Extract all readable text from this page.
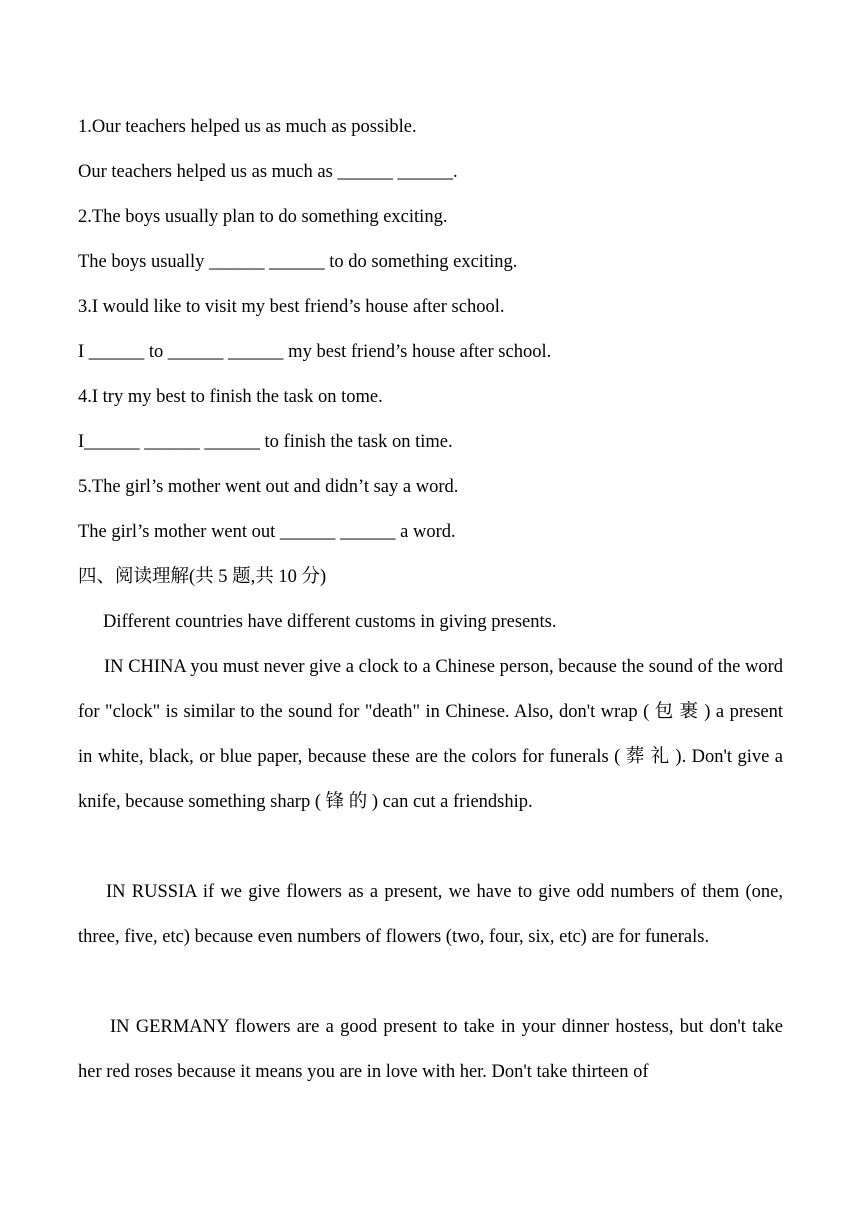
1.Our teachers helped us as much as possible.
Our teachers helped us as much as ______ ______.
2.The boys usually plan to do something exciting.
The boys usually ______ ______ to do something exciting.
3.I would like to visit my best friend’s house after school.
I ______ to ______ ______ my best friend’s house after school.
4.I try my best to finish the task on tome.
I______ ______ ______ to finish the task on time.
5.The girl’s mother went out and didn’t say a word.
The girl’s mother went out ______ ______ a word.
四、阅读理解(共 5 题,共 10 分)
Different countries have different customs in giving presents.

IN CHINA you must never give a clock to a Chinese person, because the sound of the word for "clock" is similar to the sound for "death" in Chinese. Also, don't wrap ( 包 裹 ) a present in white, black, or blue paper, because these are the colors for funerals ( 葬 礼 ). Don't give a knife, because something sharp ( 锋 的 ) can cut a friendship.

IN RUSSIA if we give flowers as a present, we have to give odd numbers of them (one, three, five, etc) because even numbers of flowers (two, four, six, etc) are for funerals.

IN GERMANY flowers are a good present to take in your dinner hostess, but don't take her red roses because it means you are in love with her. Don't take thirteen of
